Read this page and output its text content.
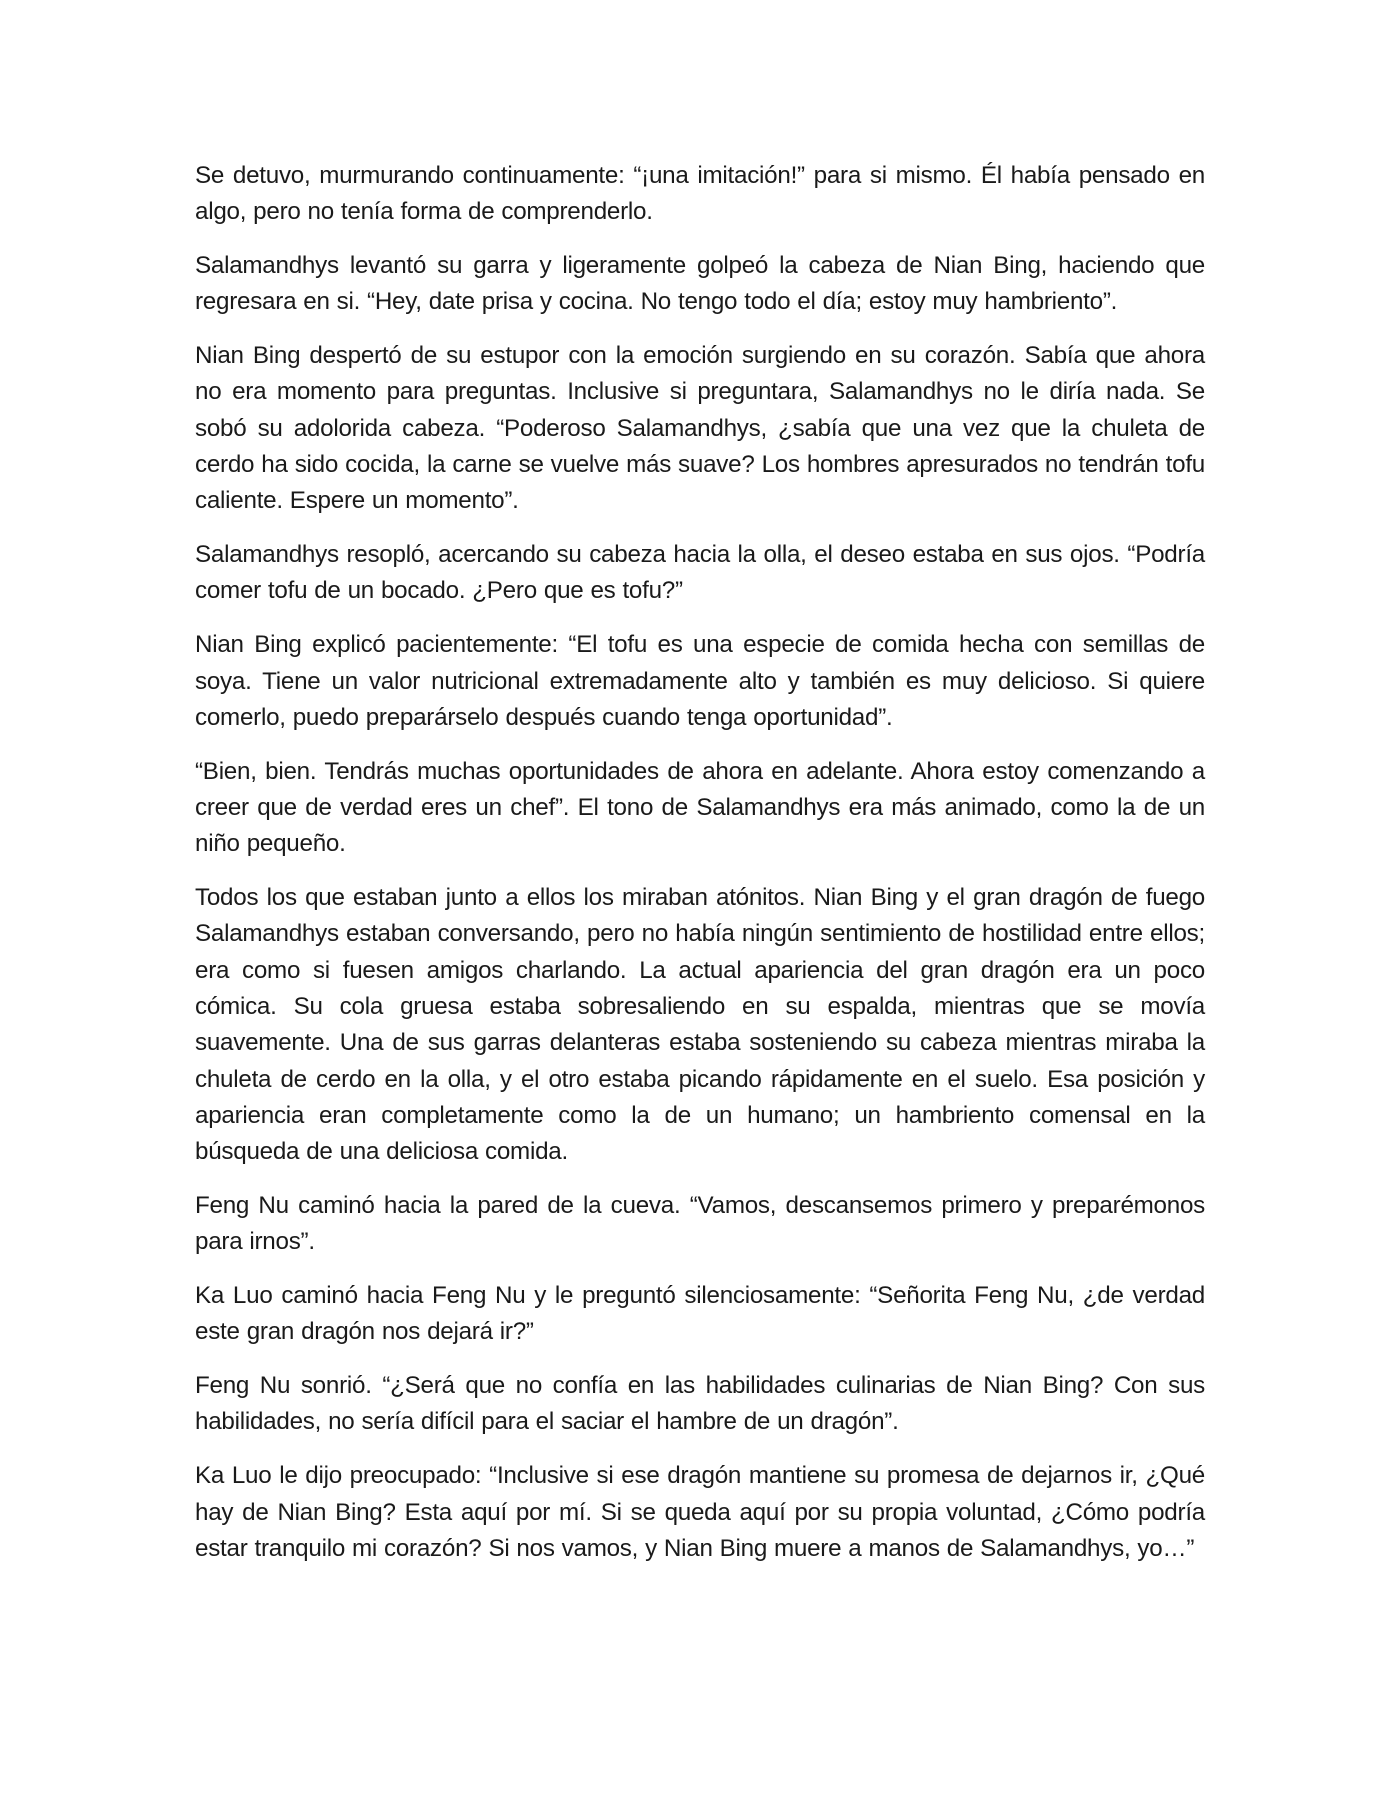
Se detuvo, murmurando continuamente: “¡una imitación!” para si mismo. Él había pensado en algo, pero no tenía forma de comprenderlo.

Salamandhys levantó su garra y ligeramente golpeó la cabeza de Nian Bing, haciendo que regresara en si. “Hey, date prisa y cocina. No tengo todo el día; estoy muy hambriento”.

Nian Bing despertó de su estupor con la emoción surgiendo en su corazón. Sabía que ahora no era momento para preguntas. Inclusive si preguntara, Salamandhys no le diría nada. Se sobó su adolorida cabeza. “Poderoso Salamandhys, ¿sabía que una vez que la chuleta de cerdo ha sido cocida, la carne se vuelve más suave? Los hombres apresurados no tendrán tofu caliente. Espere un momento”.

Salamandhys resopló, acercando su cabeza hacia la olla, el deseo estaba en sus ojos. “Podría comer tofu de un bocado. ¿Pero que es tofu?”

Nian Bing explicó pacientemente: “El tofu es una especie de comida hecha con semillas de soya. Tiene un valor nutricional extremadamente alto y también es muy delicioso. Si quiere comerlo, puedo preparárselo después cuando tenga oportunidad”.

“Bien, bien. Tendrás muchas oportunidades de ahora en adelante. Ahora estoy comenzando a creer que de verdad eres un chef”. El tono de Salamandhys era más animado, como la de un niño pequeño.

Todos los que estaban junto a ellos los miraban atónitos. Nian Bing y el gran dragón de fuego Salamandhys estaban conversando, pero no había ningún sentimiento de hostilidad entre ellos; era como si fuesen amigos charlando. La actual apariencia del gran dragón era un poco cómica. Su cola gruesa estaba sobresaliendo en su espalda, mientras que se movía suavemente. Una de sus garras delanteras estaba sosteniendo su cabeza mientras miraba la chuleta de cerdo en la olla, y el otro estaba picando rápidamente en el suelo. Esa posición y apariencia eran completamente como la de un humano; un hambriento comensal en la búsqueda de una deliciosa comida.

Feng Nu caminó hacia la pared de la cueva. “Vamos, descansemos primero y preparémonos para irnos”.

Ka Luo caminó hacia Feng Nu y le preguntó silenciosamente: “Señorita Feng Nu, ¿de verdad este gran dragón nos dejará ir?”

Feng Nu sonrió. “¿Será que no confía en las habilidades culinarias de Nian Bing? Con sus habilidades, no sería difícil para el saciar el hambre de un dragón”.

Ka Luo le dijo preocupado: “Inclusive si ese dragón mantiene su promesa de dejarnos ir, ¿Qué hay de Nian Bing? Esta aquí por mí. Si se queda aquí por su propia voluntad, ¿Cómo podría estar tranquilo mi corazón? Si nos vamos, y Nian Bing muere a manos de Salamandhys, yo…”
